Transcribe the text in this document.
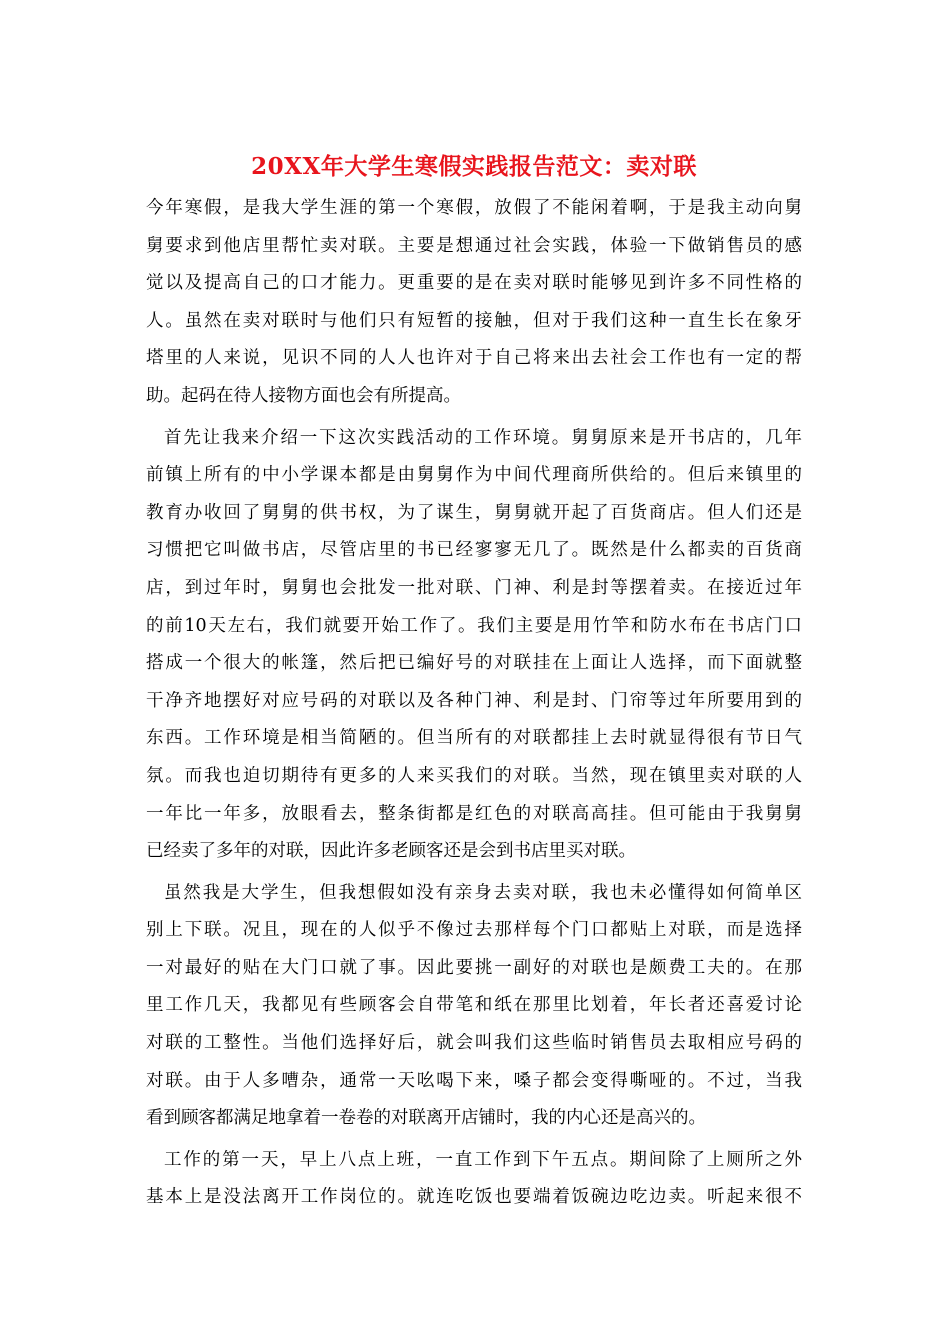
20XX年大学生寒假实践报告范文：卖对联
今年寒假，是我大学生涯的第一个寒假，放假了不能闲着啊，于是我主动向舅
舅要求到他店里帮忙卖对联。主要是想通过社会实践，体验一下做销售员的感
觉以及提高自己的口才能力。更重要的是在卖对联时能够见到许多不同性格的
人。虽然在卖对联时与他们只有短暂的接触，但对于我们这种一直生长在象牙
塔里的人来说，见识不同的人人也许对于自己将来出去社会工作也有一定的帮
助。起码在待人接物方面也会有所提高。
首先让我来介绍一下这次实践活动的工作环境。舅舅原来是开书店的，几年
前镇上所有的中小学课本都是由舅舅作为中间代理商所供给的。但后来镇里的
教育办收回了舅舅的供书权，为了谋生，舅舅就开起了百货商店。但人们还是
习惯把它叫做书店，尽管店里的书已经寥寥无几了。既然是什么都卖的百货商
店，到过年时，舅舅也会批发一批对联、门神、利是封等摆着卖。在接近过年
的前10天左右，我们就要开始工作了。我们主要是用竹竿和防水布在书店门口
搭成一个很大的帐篷，然后把已编好号的对联挂在上面让人选择，而下面就整
干净齐地摆好对应号码的对联以及各种门神、利是封、门帘等过年所要用到的
东西。工作环境是相当简陋的。但当所有的对联都挂上去时就显得很有节日气
氛。而我也迫切期待有更多的人来买我们的对联。当然，现在镇里卖对联的人
一年比一年多，放眼看去，整条街都是红色的对联高高挂。但可能由于我舅舅
已经卖了多年的对联，因此许多老顾客还是会到书店里买对联。
虽然我是大学生，但我想假如没有亲身去卖对联，我也未必懂得如何简单区
别上下联。况且，现在的人似乎不像过去那样每个门口都贴上对联，而是选择
一对最好的贴在大门口就了事。因此要挑一副好的对联也是颇费工夫的。在那
里工作几天，我都见有些顾客会自带笔和纸在那里比划着，年长者还喜爱讨论
对联的工整性。当他们选择好后，就会叫我们这些临时销售员去取相应号码的
对联。由于人多嘈杂，通常一天吆喝下来，嗓子都会变得嘶哑的。不过，当我
看到顾客都满足地拿着一卷卷的对联离开店铺时，我的内心还是高兴的。
工作的第一天，早上八点上班，一直工作到下午五点。期间除了上厕所之外
基本上是没法离开工作岗位的。就连吃饭也要端着饭碗边吃边卖。听起来很不
